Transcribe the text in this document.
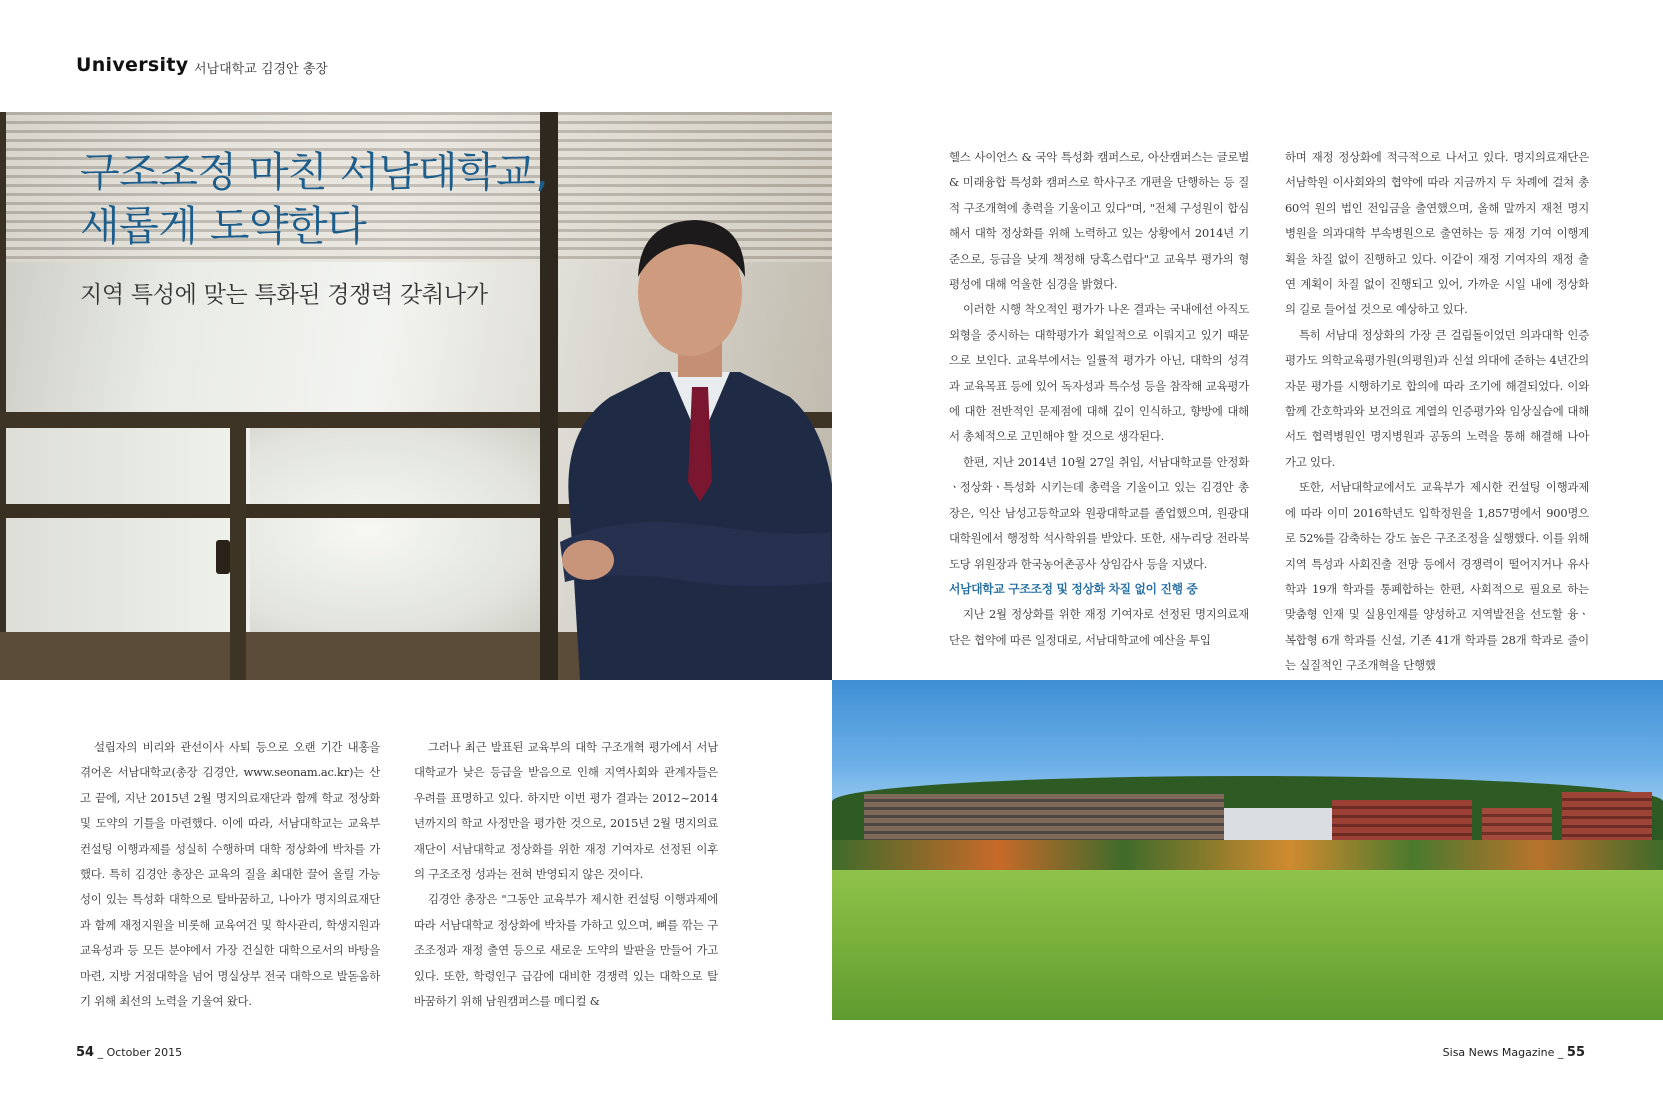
University 서남대학교 김경안 총장
구조조정 마친 서남대학교,
새롭게 도약한다
지역 특성에 맞는 특화된 경쟁력 갖춰나가

헬스 사이언스 & 국악 특성화 캠퍼스로, 아산캠퍼스는 글로벌 & 미래융합 특성화 캠퍼스로 학사구조 개편을 단행하는 등 질적 구조개혁에 총력을 기울이고 있다"며, "전체 구성원이 합심해서 대학 정상화를 위해 노력하고 있는 상황에서 2014년 기준으로, 등급을 낮게 책정해 당혹스럽다"고 교육부 평가의 형평성에 대해 억울한 심경을 밝혔다.

이러한 시행 착오적인 평가가 나온 결과는 국내에선 아직도 외형을 중시하는 대학평가가 획일적으로 이뤄지고 있기 때문으로 보인다. 교육부에서는 일률적 평가가 아닌, 대학의 성격과 교육목표 등에 있어 독자성과 특수성 등을 참작해 교육평가에 대한 전반적인 문제점에 대해 깊이 인식하고, 향방에 대해서 총체적으로 고민해야 할 것으로 생각된다.

한편, 지난 2014년 10월 27일 취임, 서남대학교를 안정화ㆍ정상화ㆍ특성화 시키는데 총력을 기울이고 있는 김경안 총장은, 익산 남성고등학교와 원광대학교를 졸업했으며, 원광대 대학원에서 행정학 석사학위를 받았다. 또한, 새누리당 전라북도당 위원장과 한국농어촌공사 상임감사 등을 지냈다.

서남대학교 구조조정 및 정상화 차질 없이 진행 중

지난 2월 정상화를 위한 재정 기여자로 선정된 명지의료재단은 협약에 따른 일정대로, 서남대학교에 예산을 투입

하며 재정 정상화에 적극적으로 나서고 있다. 명지의료재단은 서남학원 이사회와의 협약에 따라 지금까지 두 차례에 걸쳐 총 60억 원의 법인 전입금을 출연했으며, 올해 말까지 재천 명지병원을 의과대학 부속병원으로 출연하는 등 재정 기여 이행계획을 차질 없이 진행하고 있다. 이같이 재정 기여자의 재정 출연 계획이 차질 없이 진행되고 있어, 가까운 시일 내에 정상화의 길로 들어설 것으로 예상하고 있다.

특히 서남대 정상화의 가장 큰 걸림돌이었던 의과대학 인증평가도 의학교육평가원(의평원)과 신설 의대에 준하는 4년간의 자문 평가를 시행하기로 합의에 따라 조기에 해결되었다. 이와 함께 간호학과와 보건의료 계열의 인증평가와 임상실습에 대해서도 협력병원인 명지병원과 공동의 노력을 통해 해결해 나아가고 있다.

또한, 서남대학교에서도 교육부가 제시한 컨설팅 이행과제에 따라 이미 2016학년도 입학정원을 1,857명에서 900명으로 52%를 감축하는 강도 높은 구조조정을 실행했다. 이를 위해 지역 특성과 사회진출 전망 등에서 경쟁력이 떨어지거나 유사학과 19개 학과를 통폐합하는 한편, 사회적으로 필요로 하는 맞춤형 인재 및 실용인재를 양성하고 지역발전을 선도할 융ㆍ복합형 6개 학과를 신설, 기존 41개 학과를 28개 학과로 줄이는 실질적인 구조개혁을 단행했

설립자의 비리와 관선이사 사퇴 등으로 오랜 기간 내홍을 겪어온 서남대학교(총장 김경안, www.seonam.ac.kr)는 산고 끝에, 지난 2015년 2월 명지의료재단과 함께 학교 정상화 및 도약의 기틀을 마련했다. 이에 따라, 서남대학교는 교육부 컨설팅 이행과제를 성실히 수행하며 대학 정상화에 박차를 가했다. 특히 김경안 총장은 교육의 질을 최대한 끌어 올릴 가능성이 있는 특성화 대학으로 탈바꿈하고, 나아가 명지의료재단과 함께 재정지원을 비롯해 교육여건 및 학사관리, 학생지원과 교육성과 등 모든 분야에서 가장 건실한 대학으로서의 바탕을 마련, 지방 거점대학을 넘어 명실상부 전국 대학으로 발돋움하기 위해 최선의 노력을 기울여 왔다.

그러나 최근 발표된 교육부의 대학 구조개혁 평가에서 서남대학교가 낮은 등급을 받음으로 인해 지역사회와 관계자들은 우려를 표명하고 있다. 하지만 이번 평가 결과는 2012~2014년까지의 학교 사정만을 평가한 것으로, 2015년 2월 명지의료재단이 서남대학교 정상화를 위한 재정 기여자로 선정된 이후의 구조조정 성과는 전혀 반영되지 않은 것이다.

김경안 총장은 "그동안 교육부가 제시한 컨설팅 이행과제에 따라 서남대학교 정상화에 박차를 가하고 있으며, 뼈를 깎는 구조조정과 재정 출연 등으로 새로운 도약의 발판을 만들어 가고 있다. 또한, 학령인구 급감에 대비한 경쟁력 있는 대학으로 탈바꿈하기 위해 남원캠퍼스를 메디컬 &

54 _ October 2015	Sisa News Magazine _ 55
